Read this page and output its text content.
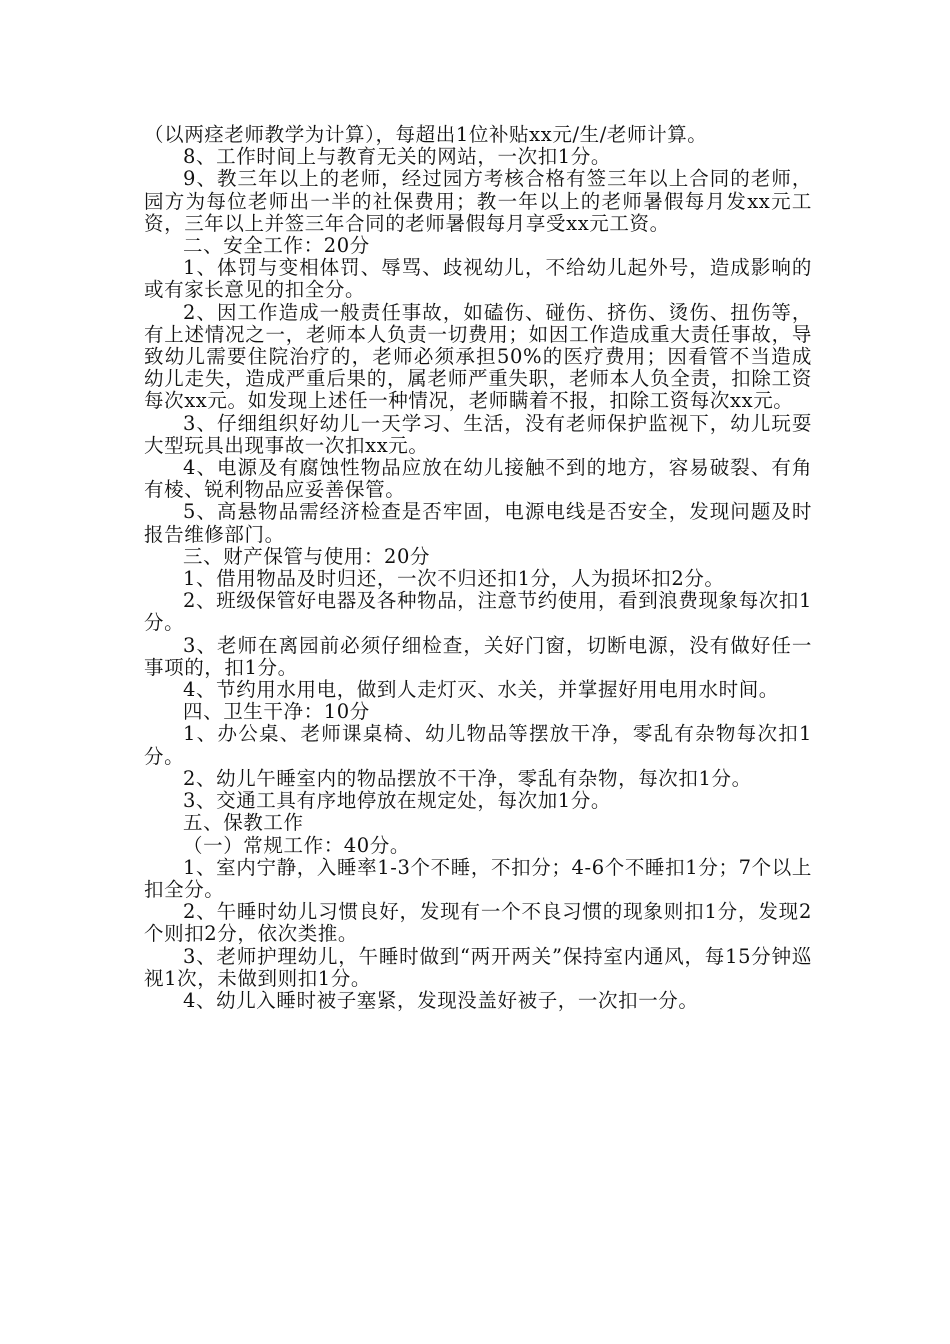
（以两痉老师教学为计算），每超出1位补贴xx元/生/老师计算。

8、工作时间上与教育无关的网站，一次扣1分。

9、教三年以上的老师，经过园方考核合格有签三年以上合同的老师，园方为每位老师出一半的社保费用；教一年以上的老师暑假每月发xx元工资，三年以上并签三年合同的老师暑假每月享受xx元工资。

二、安全工作：20分

1、体罚与变相体罚、辱骂、歧视幼儿，不给幼儿起外号，造成影响的或有家长意见的扣全分。

2、因工作造成一般责任事故，如磕伤、碰伤、挤伤、烫伤、扭伤等，有上述情况之一，老师本人负责一切费用；如因工作造成重大责任事故，导致幼儿需要住院治疗的，老师必须承担50%的医疗费用；因看管不当造成幼儿走失，造成严重后果的，属老师严重失职，老师本人负全责，扣除工资每次xx元。如发现上述任一种情况，老师瞒着不报，扣除工资每次xx元。

3、仔细组织好幼儿一天学习、生活，没有老师保护监视下，幼儿玩耍大型玩具出现事故一次扣xx元。

4、电源及有腐蚀性物品应放在幼儿接触不到的地方，容易破裂、有角有棱、锐利物品应妥善保管。

5、高悬物品需经济检查是否牢固，电源电线是否安全，发现问题及时报告维修部门。

三、财产保管与使用：20分

1、借用物品及时归还，一次不归还扣1分，人为损坏扣2分。

2、班级保管好电器及各种物品，注意节约使用，看到浪费现象每次扣1分。

3、老师在离园前必须仔细检查，关好门窗，切断电源，没有做好任一事项的，扣1分。

4、节约用水用电，做到人走灯灭、水关，并掌握好用电用水时间。

四、卫生干净：10分

1、办公桌、老师课桌椅、幼儿物品等摆放干净，零乱有杂物每次扣1分。

2、幼儿午睡室内的物品摆放不干净，零乱有杂物，每次扣1分。

3、交通工具有序地停放在规定处，每次加1分。

五、保教工作

（一）常规工作：40分。

1、室内宁静，入睡率1-3个不睡，不扣分；4-6个不睡扣1分；7个以上扣全分。

2、午睡时幼儿习惯良好，发现有一个不良习惯的现象则扣1分，发现2个则扣2分，依次类推。

3、老师护理幼儿，午睡时做到“两开两关”保持室内通风，每15分钟巡视1次，未做到则扣1分。

4、幼儿入睡时被子塞紧，发现没盖好被子，一次扣一分。
